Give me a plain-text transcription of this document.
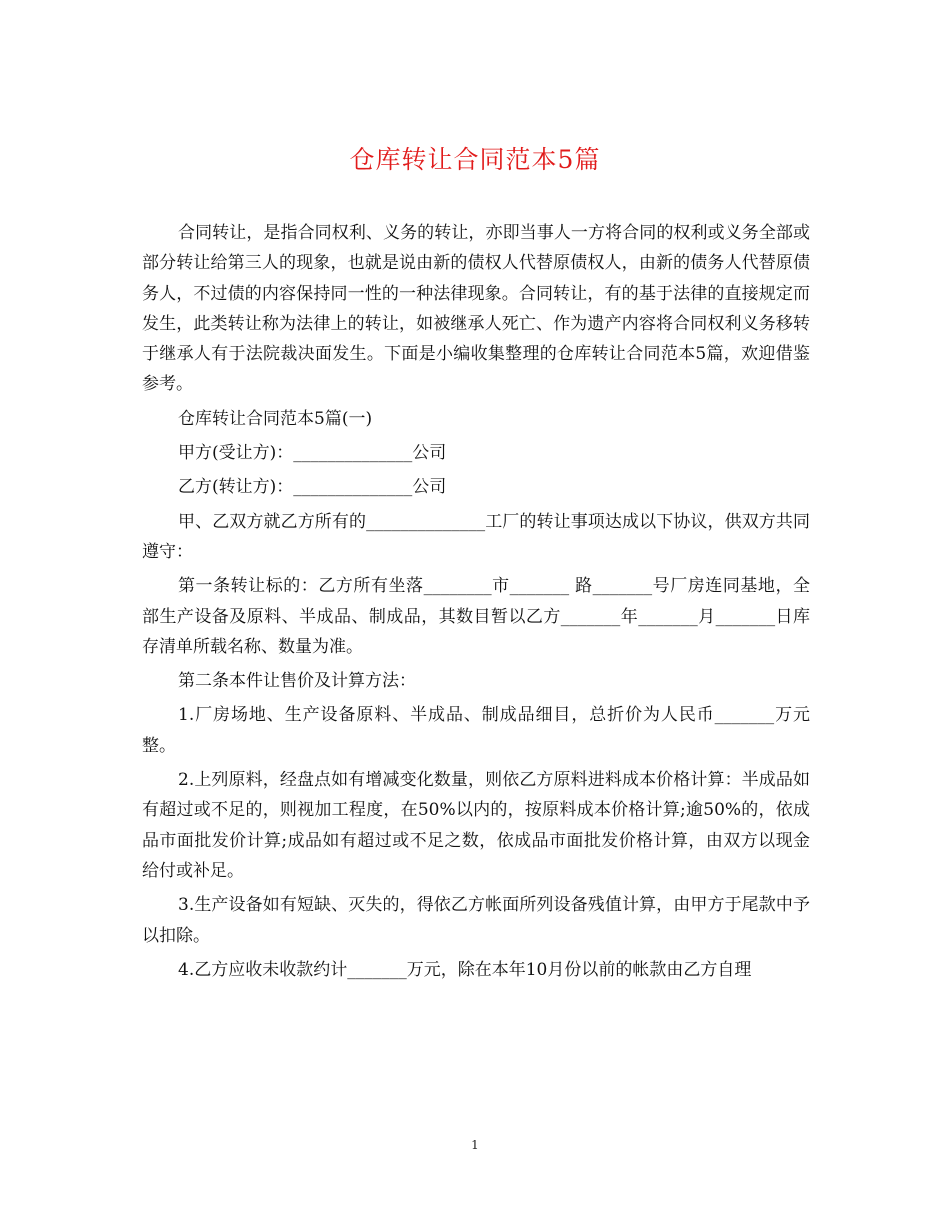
仓库转让合同范本5篇

合同转让，是指合同权利、义务的转让，亦即当事人一方将合同的权利或义务全部或部分转让给第三人的现象，也就是说由新的债权人代替原债权人，由新的债务人代替原债务人，不过债的内容保持同一性的一种法律现象。合同转让，有的基于法律的直接规定而发生，此类转让称为法律上的转让，如被继承人死亡、作为遗产内容将合同权利义务移转于继承人有于法院裁决面发生。下面是小编收集整理的仓库转让合同范本5篇，欢迎借鉴参考。

仓库转让合同范本5篇(一)

甲方(受让方)：______________公司

乙方(转让方)：______________公司

甲、乙双方就乙方所有的______________工厂的转让事项达成以下协议，供双方共同遵守：

第一条转让标的：乙方所有坐落________市_______ 路_______号厂房连同基地，全部生产设备及原料、半成品、制成品，其数目暂以乙方_______年_______月_______日库存清单所载名称、数量为准。

第二条本件让售价及计算方法：

1.厂房场地、生产设备原料、半成品、制成品细目，总折价为人民币_______万元整。

2.上列原料，经盘点如有增减变化数量，则依乙方原料进料成本价格计算：半成品如有超过或不足的，则视加工程度，在50%以内的，按原料成本价格计算;逾50%的，依成品市面批发价计算;成品如有超过或不足之数，依成品市面批发价格计算，由双方以现金给付或补足。

3.生产设备如有短缺、灭失的，得依乙方帐面所列设备残值计算，由甲方于尾款中予以扣除。

4.乙方应收未收款约计_______万元，除在本年10月份以前的帐款由乙方自理

1
